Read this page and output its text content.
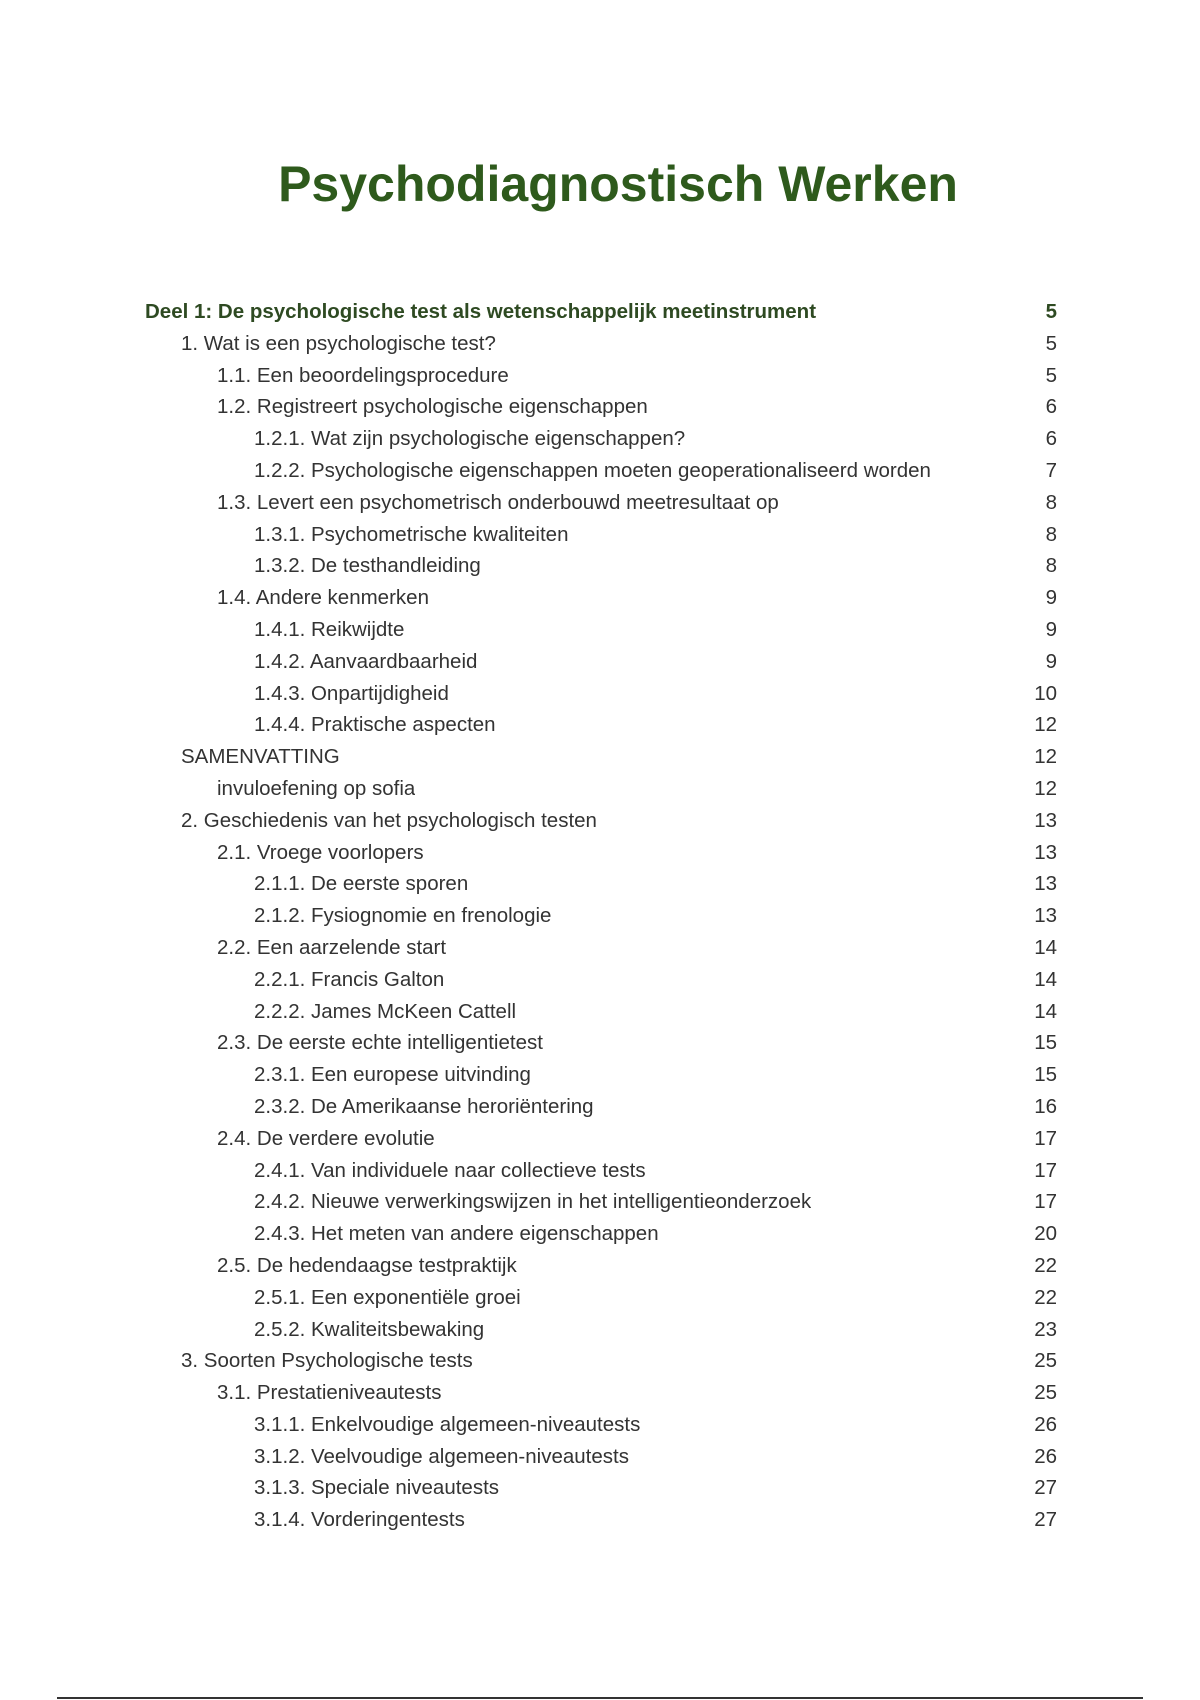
Psychodiagnostisch Werken
Deel 1: De psychologische test als wetenschappelijk meetinstrument	5
1. Wat is een psychologische test?	5
1.1. Een beoordelingsprocedure	5
1.2. Registreert psychologische eigenschappen	6
1.2.1. Wat zijn psychologische eigenschappen?	6
1.2.2. Psychologische eigenschappen moeten geoperationaliseerd worden	7
1.3. Levert een psychometrisch onderbouwd meetresultaat op	8
1.3.1. Psychometrische kwaliteiten	8
1.3.2. De testhandleiding	8
1.4. Andere kenmerken	9
1.4.1. Reikwijdte	9
1.4.2. Aanvaardbaarheid	9
1.4.3. Onpartijdigheid	10
1.4.4. Praktische aspecten	12
SAMENVATTING	12
invuloefening op sofia	12
2. Geschiedenis van het psychologisch testen	13
2.1. Vroege voorlopers	13
2.1.1. De eerste sporen	13
2.1.2. Fysiognomie en frenologie	13
2.2. Een aarzelende start	14
2.2.1. Francis Galton	14
2.2.2. James McKeen Cattell	14
2.3. De eerste echte intelligentietest	15
2.3.1. Een europese uitvinding	15
2.3.2. De Amerikaanse heroriëntering	16
2.4. De verdere evolutie	17
2.4.1. Van individuele naar collectieve tests	17
2.4.2. Nieuwe verwerkingswijzen in het intelligentieonderzoek	17
2.4.3. Het meten van andere eigenschappen	20
2.5. De hedendaagse testpraktijk	22
2.5.1. Een exponentiële groei	22
2.5.2. Kwaliteitsbewaking	23
3. Soorten Psychologische tests	25
3.1. Prestatieniveautests	25
3.1.1. Enkelvoudige algemeen-niveautests	26
3.1.2. Veelvoudige algemeen-niveautests	26
3.1.3. Speciale niveautests	27
3.1.4. Vorderingentests	27
